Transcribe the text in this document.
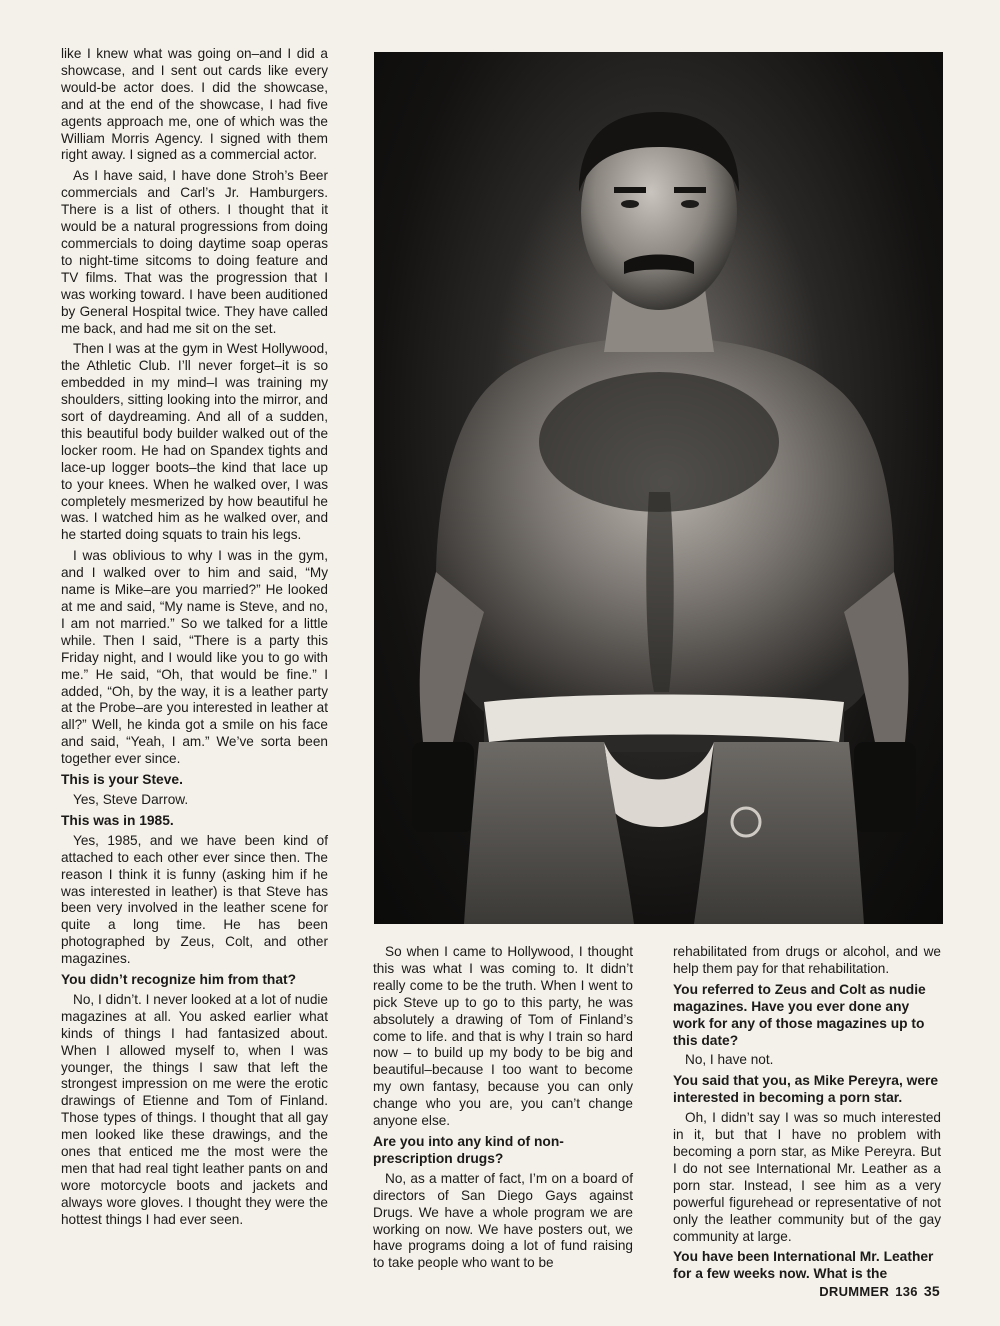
like I knew what was going on–and I did a showcase, and I sent out cards like every would-be actor does. I did the showcase, and at the end of the showcase, I had five agents approach me, one of which was the William Morris Agency. I signed with them right away. I signed as a commercial actor.

As I have said, I have done Stroh’s Beer commercials and Carl’s Jr. Hamburgers. There is a list of others. I thought that it would be a natural progressions from doing commercials to doing daytime soap operas to night-time sitcoms to doing feature and TV films. That was the progression that I was working toward. I have been auditioned by General Hospital twice. They have called me back, and had me sit on the set.

Then I was at the gym in West Hollywood, the Athletic Club. I’ll never forget–it is so embedded in my mind–I was training my shoulders, sitting looking into the mirror, and sort of daydreaming. And all of a sudden, this beautiful body builder walked out of the locker room. He had on Spandex tights and lace-up logger boots–the kind that lace up to your knees. When he walked over, I was completely mesmerized by how beautiful he was. I watched him as he walked over, and he started doing squats to train his legs.

I was oblivious to why I was in the gym, and I walked over to him and said, “My name is Mike–are you married?” He looked at me and said, “My name is Steve, and no, I am not married.” So we talked for a little while. Then I said, “There is a party this Friday night, and I would like you to go with me.” He said, “Oh, that would be fine.” I added, “Oh, by the way, it is a leather party at the Probe–are you interested in leather at all?” Well, he kinda got a smile on his face and said, “Yeah, I am.” We’ve sorta been together ever since.

This is your Steve.

Yes, Steve Darrow.

This was in 1985.

Yes, 1985, and we have been kind of attached to each other ever since then. The reason I think it is funny (asking him if he was interested in leather) is that Steve has been very involved in the leather scene for quite a long time. He has been photographed by Zeus, Colt, and other magazines.

You didn’t recognize him from that?

No, I didn’t. I never looked at a lot of nudie magazines at all. You asked earlier what kinds of things I had fantasized about. When I allowed myself to, when I was younger, the things I saw that left the strongest impression on me were the erotic drawings of Etienne and Tom of Finland. Those types of things. I thought that all gay men looked like these drawings, and the ones that enticed me the most were the men that had real tight leather pants on and wore motorcycle boots and jackets and always wore gloves. I thought they were the hottest things I had ever seen.

So when I came to Hollywood, I thought this was what I was coming to. It didn’t really come to be the truth. When I went to pick Steve up to go to this party, he was absolutely a drawing of Tom of Finland’s come to life. and that is why I train so hard now – to build up my body to be big and beautiful–because I too want to become my own fantasy, because you can only change who you are, you can’t change anyone else.

Are you into any kind of non-prescription drugs?

No, as a matter of fact, I’m on a board of directors of San Diego Gays against Drugs. We have a whole program we are working on now. We have posters out, we have programs doing a lot of fund raising to take people who want to be

rehabilitated from drugs or alcohol, and we help them pay for that rehabilitation.

You referred to Zeus and Colt as nudie magazines. Have you ever done any work for any of those magazines up to this date?

No, I have not.

You said that you, as Mike Pereyra, were interested in becoming a porn star.

Oh, I didn’t say I was so much interested in it, but that I have no problem with becoming a porn star, as Mike Pereyra. But I do not see International Mr. Leather as a porn star. Instead, I see him as a very powerful figurehead or representative of not only the leather community but of the gay community at large.

You have been International Mr. Leather for a few weeks now. What is the

DRUMMER 136 35
